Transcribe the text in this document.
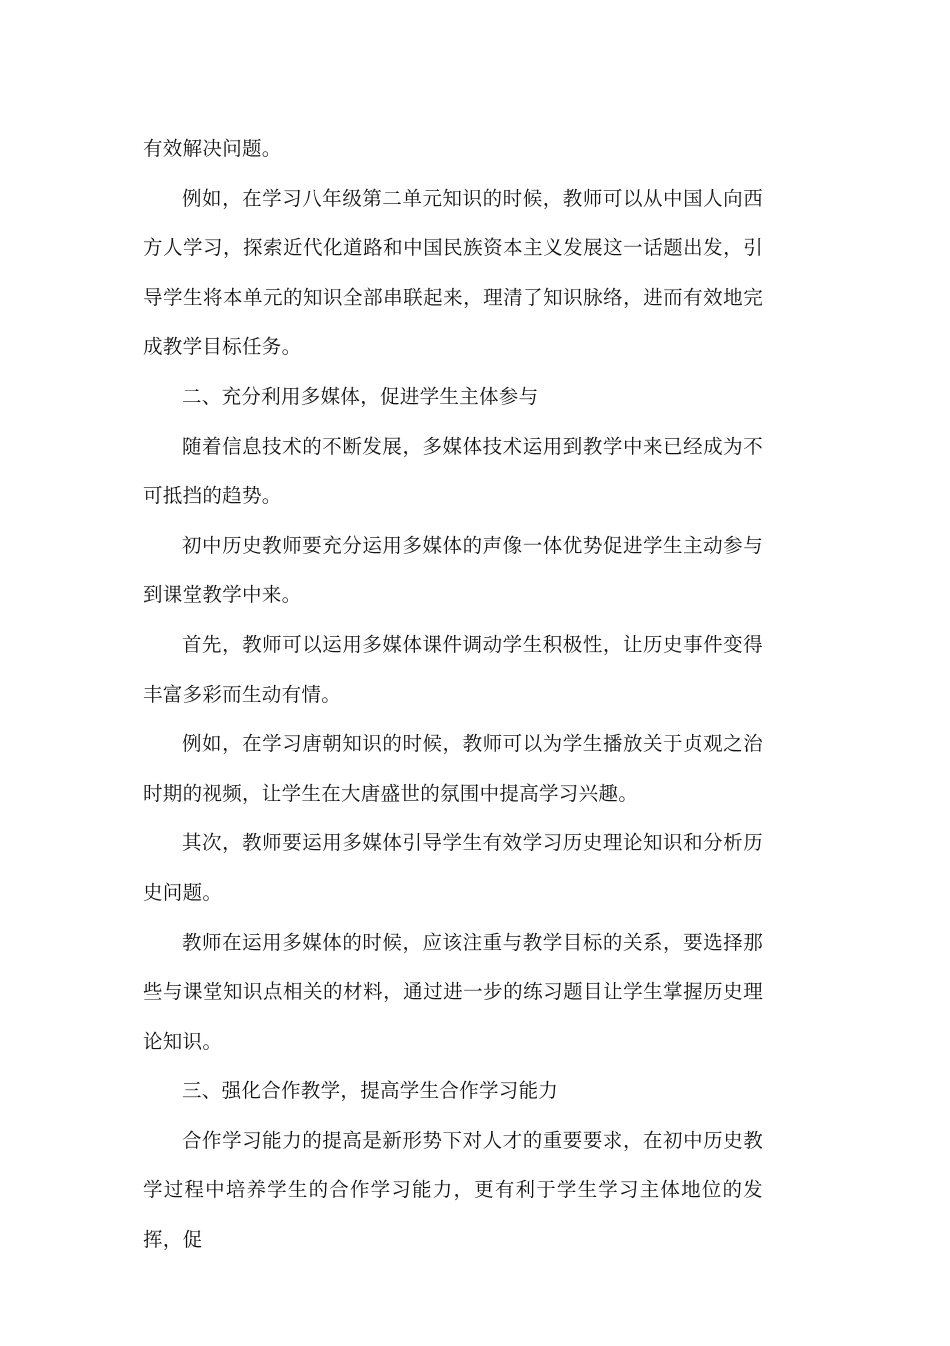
有效解决问题。

例如，在学习八年级第二单元知识的时候，教师可以从中国人向西方人学习，探索近代化道路和中国民族资本主义发展这一话题出发，引导学生将本单元的知识全部串联起来，理清了知识脉络，进而有效地完成教学目标任务。

二、充分利用多媒体，促进学生主体参与

随着信息技术的不断发展，多媒体技术运用到教学中来已经成为不可抵挡的趋势。

初中历史教师要充分运用多媒体的声像一体优势促进学生主动参与到课堂教学中来。

首先，教师可以运用多媒体课件调动学生积极性，让历史事件变得丰富多彩而生动有情。

例如，在学习唐朝知识的时候，教师可以为学生播放关于贞观之治时期的视频，让学生在大唐盛世的氛围中提高学习兴趣。

其次，教师要运用多媒体引导学生有效学习历史理论知识和分析历史问题。

教师在运用多媒体的时候，应该注重与教学目标的关系，要选择那些与课堂知识点相关的材料，通过进一步的练习题目让学生掌握历史理论知识。

三、强化合作教学，提高学生合作学习能力

合作学习能力的提高是新形势下对人才的重要要求，在初中历史教学过程中培养学生的合作学习能力，更有利于学生学习主体地位的发挥，促
